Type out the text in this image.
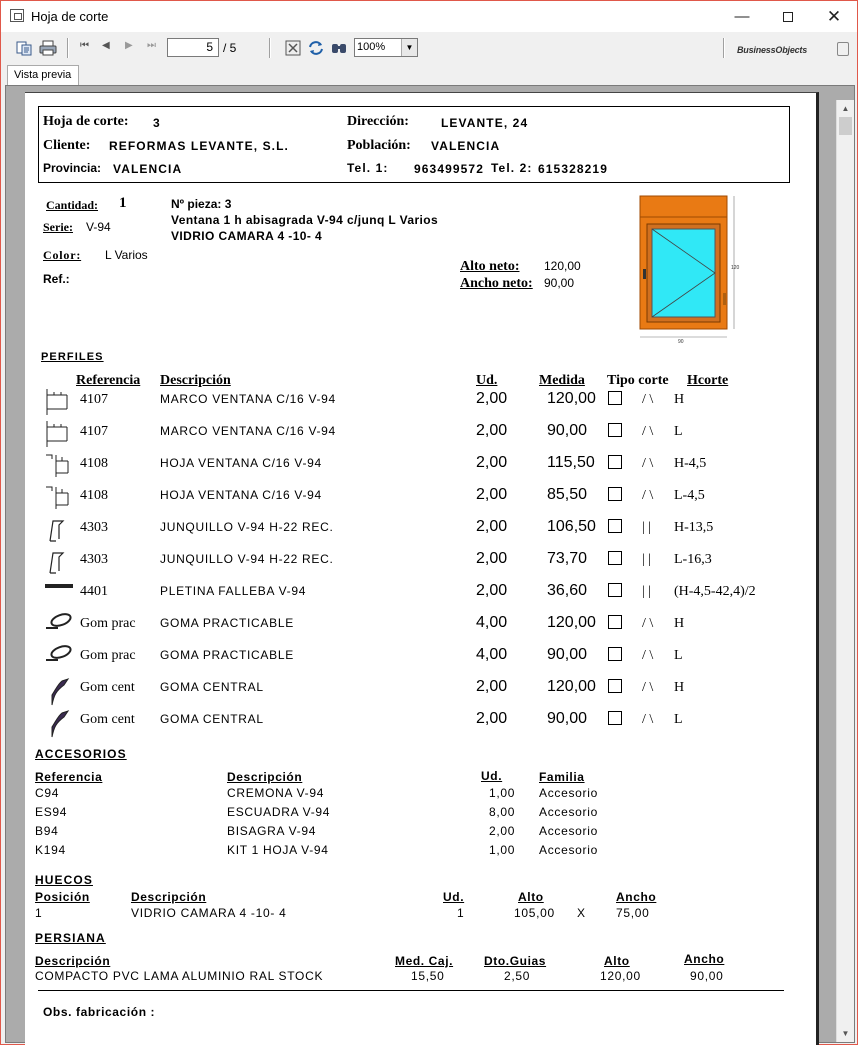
Hoja de corte	—	✕
⏮ ◀ ▶ ⏭	5 / 5	100%	▼	BusinessObjects
Vista previa
Hoja de corte: 3
Cliente: REFORMAS LEVANTE, S.L.
Provincia: VALENCIA
Dirección:	LEVANTE, 24
Población: VALENCIA
Tel. 1: 963499572 Tel. 2: 615328219
Cantidad: 1
Serie: V-94
Color: L Varios
Ref.:
Nº pieza: 3
Ventana 1 h abisagrada V-94 c/junq L Varios
VIDRIO CAMARA 4 -10- 4
Alto neto: 120,00
Ancho neto: 90,00
120
90
PERFILES
Referencia Descripción	Ud.	Medida Tipo corte Hcorte
4107	MARCO VENTANA C/16 V-94	2,00 120,00	/ \ H
4107	MARCO VENTANA C/16 V-94	2,00 90,00	/ \ L
4108	HOJA VENTANA C/16 V-94	2,00 115,50	/ \ H-4,5
4108	HOJA VENTANA C/16 V-94	2,00 85,50	/ \ L-4,5
4303	JUNQUILLO V-94 H-22 REC.	2,00 106,50	| | H-13,5
4303	JUNQUILLO V-94 H-22 REC.	2,00 73,70	| | L-16,3
4401	PLETINA FALLEBA V-94	2,00 36,60	| | (H-4,5-42,4)/2
Gom prac GOMA PRACTICABLE	4,00 120,00	/ \ H
Gom prac GOMA PRACTICABLE	4,00 90,00	/ \ L
Gom cent GOMA CENTRAL	2,00 120,00	/ \ H
Gom cent GOMA CENTRAL	2,00 90,00	/ \ L
ACCESORIOS
Referencia	Descripción	Ud.	Familia
C94	CREMONA V-94	1,00 Accesorio
ES94	ESCUADRA V-94	8,00 Accesorio
B94	BISAGRA V-94	2,00 Accesorio
K194	KIT 1 HOJA V-94	1,00 Accesorio
HUECOS
Posición	Descripción	Ud.	Alto	Ancho
1	VIDRIO CAMARA 4 -10- 4	1	105,00 X	75,00
PERSIANA
Descripción	Med. Caj.	Dto.Guias	Alto	Ancho
COMPACTO PVC LAMA ALUMINIO RAL STOCK	15,50	2,50	120,00	90,00
Obs. fabricación :
▲
▼
